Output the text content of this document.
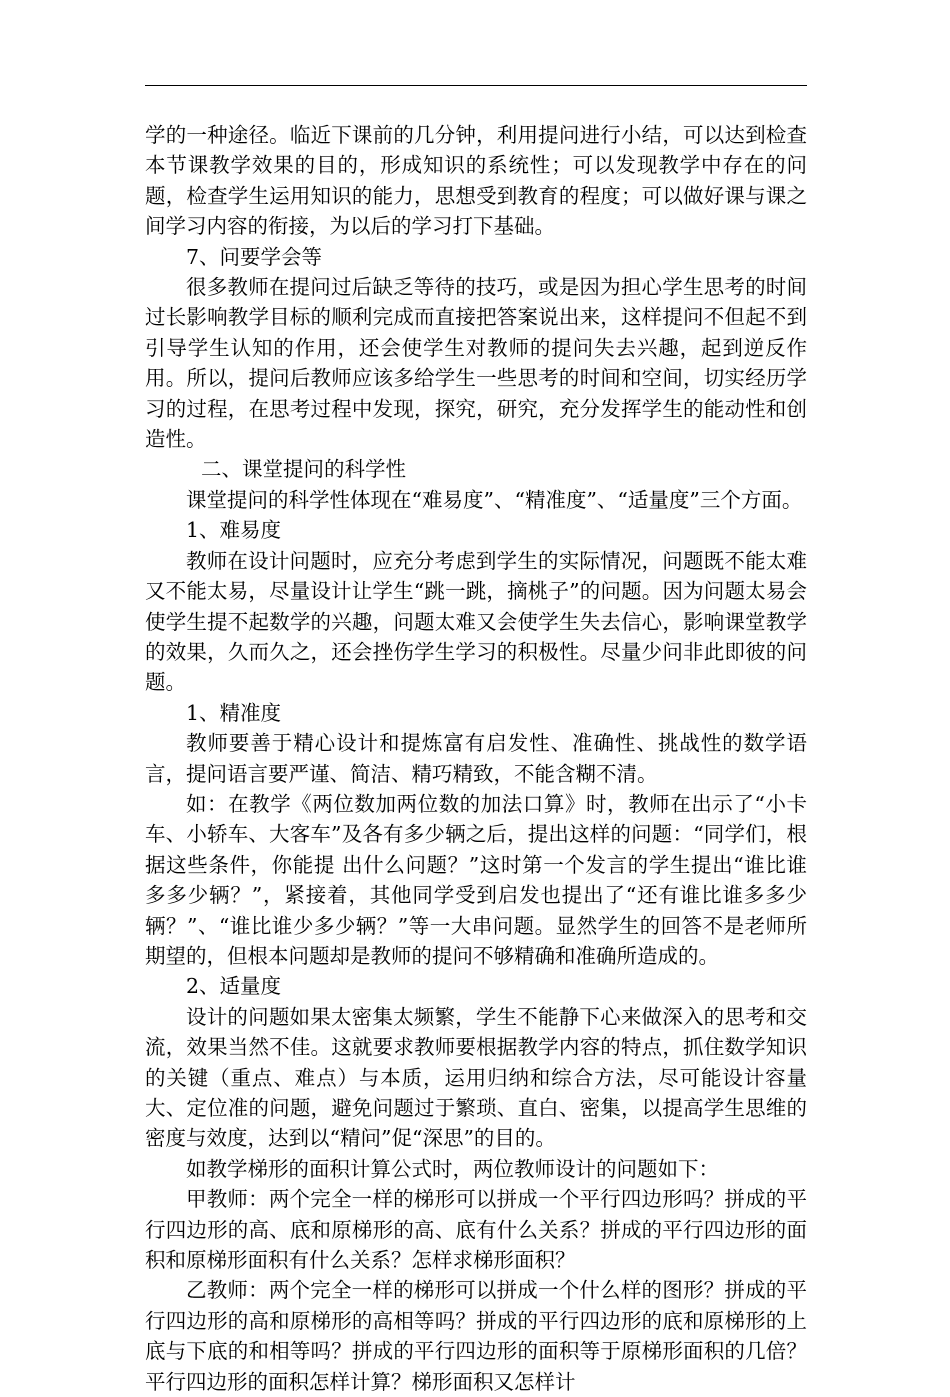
学的一种途径。临近下课前的几分钟，利用提问进行小结，可以达到检查本节课教学效果的目的，形成知识的系统性；可以发现教学中存在的问题，检查学生运用知识的能力，思想受到教育的程度；可以做好课与课之间学习内容的衔接，为以后的学习打下基础。

7、问要学会等

很多教师在提问过后缺乏等待的技巧，或是因为担心学生思考的时间过长影响教学目标的顺利完成而直接把答案说出来，这样提问不但起不到引导学生认知的作用，还会使学生对教师的提问失去兴趣，起到逆反作用。所以，提问后教师应该多给学生一些思考的时间和空间，切实经历学习的过程，在思考过程中发现，探究，研究，充分发挥学生的能动性和创造性。

二、课堂提问的科学性

课堂提问的科学性体现在“难易度”、“精准度”、“适量度”三个方面。

1、难易度

教师在设计问题时，应充分考虑到学生的实际情况，问题既不能太难又不能太易，尽量设计让学生“跳一跳，摘桃子”的问题。因为问题太易会使学生提不起数学的兴趣，问题太难又会使学生失去信心，影响课堂教学的效果，久而久之，还会挫伤学生学习的积极性。尽量少问非此即彼的问题。

1、精准度

教师要善于精心设计和提炼富有启发性、准确性、挑战性的数学语言，提问语言要严谨、简洁、精巧精致，不能含糊不清。

如：在教学《两位数加两位数的加法口算》时，教师在出示了“小卡车、小轿车、大客车”及各有多少辆之后，提出这样的问题：“同学们，根据这些条件，你能提 出什么问题？”这时第一个发言的学生提出“谁比谁多多少辆？”，紧接着，其他同学受到启发也提出了“还有谁比谁多多少辆？”、“谁比谁少多少辆？”等一大串问题。显然学生的回答不是老师所期望的，但根本问题却是教师的提问不够精确和准确所造成的。

2、适量度

设计的问题如果太密集太频繁，学生不能静下心来做深入的思考和交流，效果当然不佳。这就要求教师要根据教学内容的特点，抓住数学知识的关键（重点、难点）与本质，运用归纳和综合方法，尽可能设计容量大、定位准的问题，避免问题过于繁琐、直白、密集，以提高学生思维的密度与效度，达到以“精问”促“深思”的目的。

如教学梯形的面积计算公式时，两位教师设计的问题如下：

甲教师：两个完全一样的梯形可以拼成一个平行四边形吗？拼成的平行四边形的高、底和原梯形的高、底有什么关系？拼成的平行四边形的面积和原梯形面积有什么关系？怎样求梯形面积？

乙教师：两个完全一样的梯形可以拼成一个什么样的图形？拼成的平行四边形的高和原梯形的高相等吗？拼成的平行四边形的底和原梯形的上底与下底的和相等吗？拼成的平行四边形的面积等于原梯形面积的几倍？平行四边形的面积怎样计算？梯形面积又怎样计
